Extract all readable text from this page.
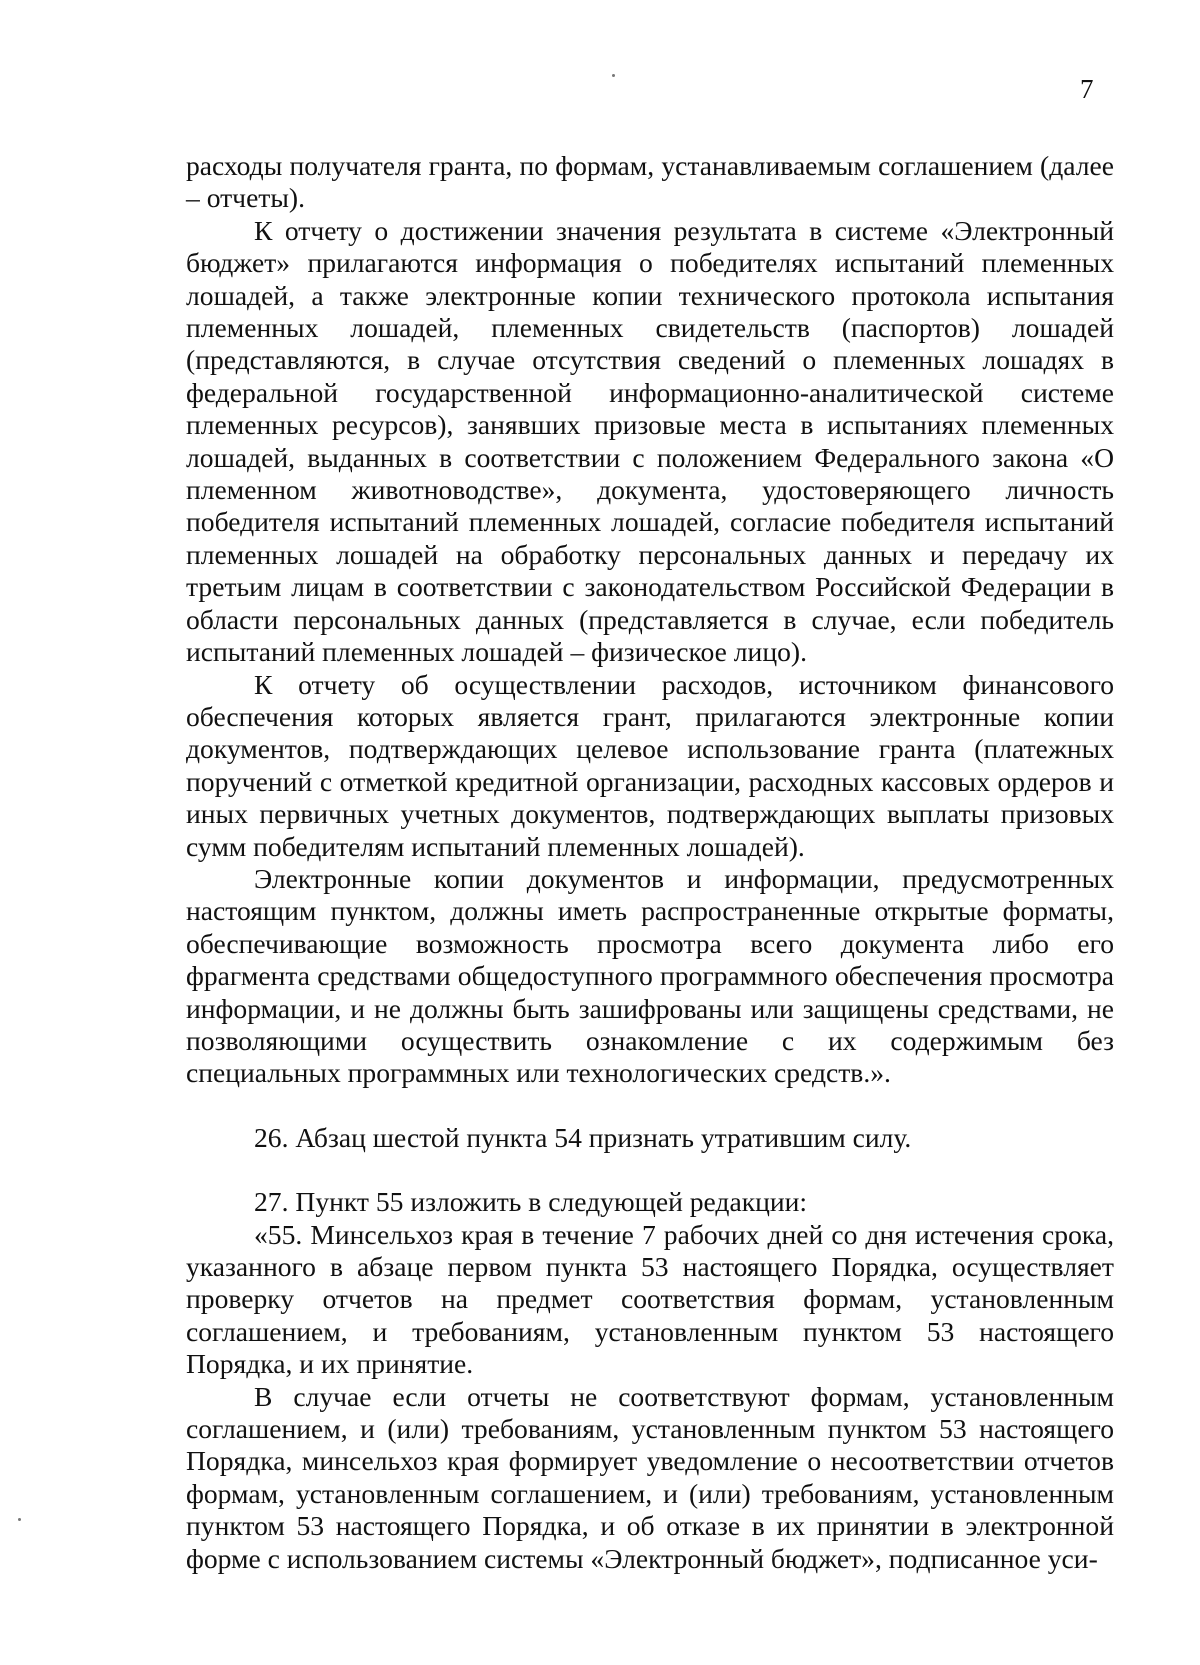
7

расходы получателя гранта, по формам, устанавливаемым соглашением (далее – отчеты).

К отчету о достижении значения результата в системе «Электронный бюджет» прилагаются информация о победителях испытаний племенных лошадей, а также электронные копии технического протокола испытания племенных лошадей, племенных свидетельств (паспортов) лошадей (представляются, в случае отсутствия сведений о племенных лошадях в федеральной государственной информационно-аналитической системе племенных ресурсов), занявших призовые места в испытаниях племенных лошадей, выданных в соответствии с положением Федерального закона «О племенном животноводстве», документа, удостоверяющего личность победителя испытаний племенных лошадей, согласие победителя испытаний племенных лошадей на обработку персональных данных и передачу их третьим лицам в соответствии с законодательством Российской Федерации в области персональных данных (представляется в случае, если победитель испытаний племенных лошадей – физическое лицо).

К отчету об осуществлении расходов, источником финансового обеспечения которых является грант, прилагаются электронные копии документов, подтверждающих целевое использование гранта (платежных поручений с отметкой кредитной организации, расходных кассовых ордеров и иных первичных учетных документов, подтверждающих выплаты призовых сумм победителям испытаний племенных лошадей).

Электронные копии документов и информации, предусмотренных настоящим пунктом, должны иметь распространенные открытые форматы, обеспечивающие возможность просмотра всего документа либо его фрагмента средствами общедоступного программного обеспечения просмотра информации, и не должны быть зашифрованы или защищены средствами, не позволяющими осуществить ознакомление с их содержимым без специальных программных или технологических средств.».

26. Абзац шестой пункта 54 признать утратившим силу.

27. Пункт 55 изложить в следующей редакции:

«55. Минсельхоз края в течение 7 рабочих дней со дня истечения срока, указанного в абзаце первом пункта 53 настоящего Порядка, осуществляет проверку отчетов на предмет соответствия формам, установленным соглашением, и требованиям, установленным пунктом 53 настоящего Порядка, и их принятие.

В случае если отчеты не соответствуют формам, установленным соглашением, и (или) требованиям, установленным пунктом 53 настоящего Порядка, минсельхоз края формирует уведомление о несоответствии отчетов формам, установленным соглашением, и (или) требованиям, установленным пунктом 53 настоящего Порядка, и об отказе в их принятии в электронной форме с использованием системы «Электронный бюджет», подписанное уси-
